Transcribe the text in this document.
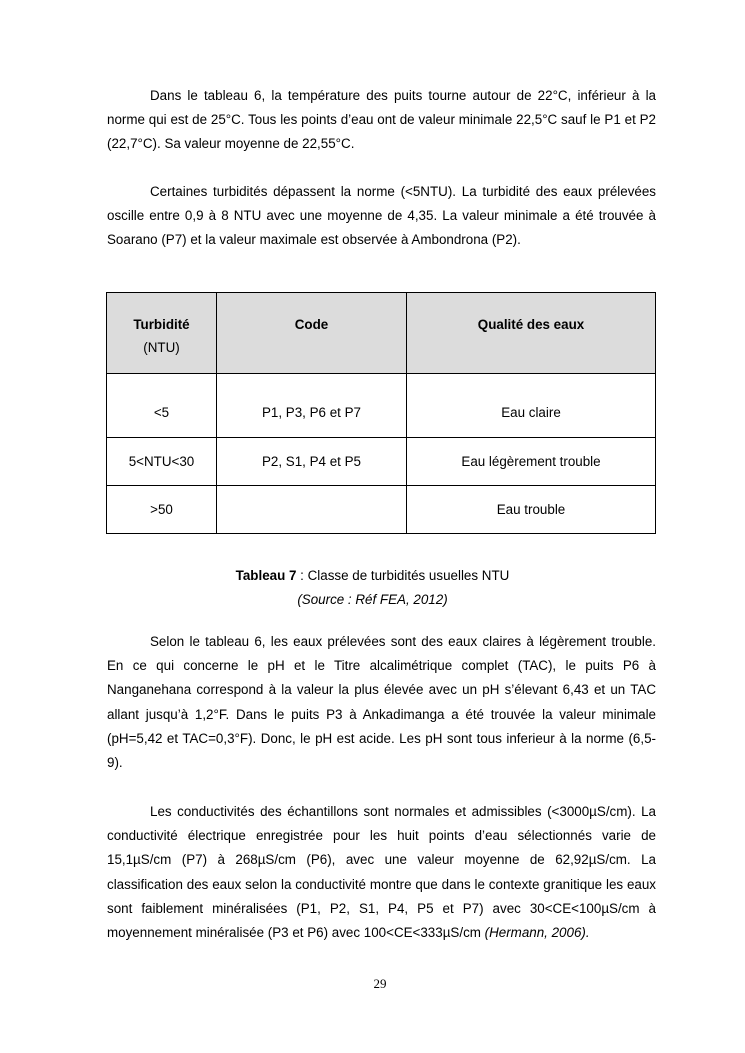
Dans le tableau 6, la température des puits tourne autour de 22°C, inférieur à la norme qui est de 25°C. Tous les points d’eau ont de valeur minimale 22,5°C sauf le P1 et P2 (22,7°C). Sa valeur moyenne de 22,55°C.

Certaines turbidités dépassent la norme (<5NTU). La turbidité des eaux prélevées oscille entre 0,9 à 8 NTU avec une moyenne de 4,35. La valeur minimale a été trouvée à Soarano (P7) et la valeur maximale est observée à Ambondrona (P2).

Turbidité
(NTU)	Code	Qualité des eaux

<5	P1, P3, P6 et P7	Eau claire
5<NTU<30	P2, S1, P4 et P5	Eau légèrement trouble
>50		Eau trouble
Tableau 7 : Classe de turbidités usuelles NTU
(Source : Réf FEA, 2012)

Selon le tableau 6, les eaux prélevées sont des eaux claires à légèrement trouble. En ce qui concerne le pH et le Titre alcalimétrique complet (TAC), le puits P6 à Nanganehana correspond à la valeur la plus élevée avec un pH s’élevant 6,43 et un TAC allant jusqu’à 1,2°F. Dans le puits P3 à Ankadimanga a été trouvée la valeur minimale (pH=5,42 et TAC=0,3°F). Donc, le pH est acide. Les pH sont tous inferieur à la norme (6,5-9).

Les conductivités des échantillons sont normales et admissibles (<3000µS/cm). La conductivité électrique enregistrée pour les huit points d’eau sélectionnés varie de 15,1µS/cm (P7) à 268µS/cm (P6), avec une valeur moyenne de 62,92µS/cm. La classification des eaux selon la conductivité montre que dans le contexte granitique les eaux sont faiblement minéralisées (P1, P2, S1, P4, P5 et P7) avec 30<CE<100µS/cm à moyennement minéralisée (P3 et P6) avec 100<CE<333µS/cm (Hermann, 2006).

29
